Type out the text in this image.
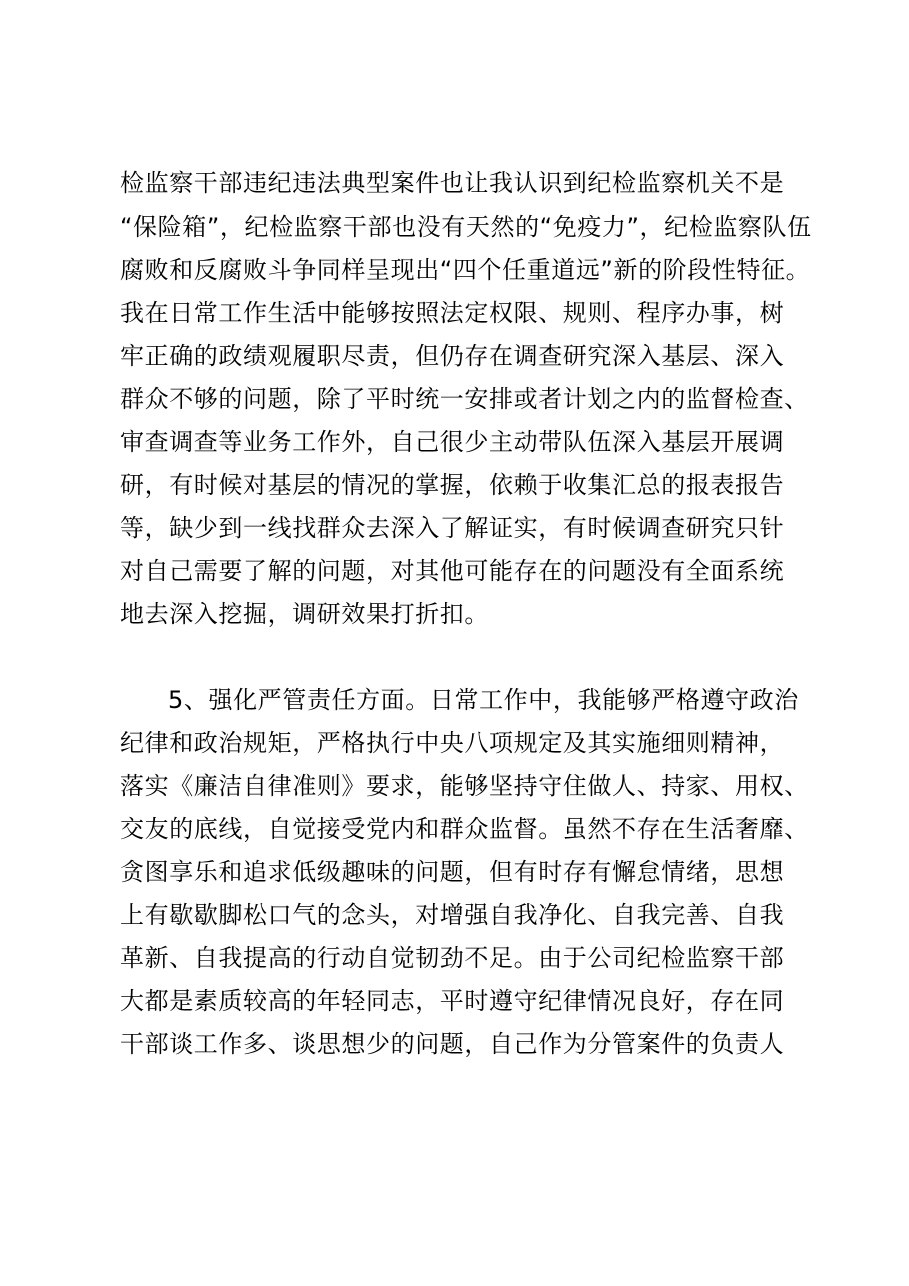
检监察干部违纪违法典型案件也让我认识到纪检监察机关不是
“保险箱”，纪检监察干部也没有天然的“免疫力”，纪检监察队伍
腐败和反腐败斗争同样呈现出“四个任重道远”新的阶段性特征。
我在日常工作生活中能够按照法定权限、规则、程序办事，树
牢正确的政绩观履职尽责，但仍存在调查研究深入基层、深入
群众不够的问题，除了平时统一安排或者计划之内的监督检查、
审查调查等业务工作外，自己很少主动带队伍深入基层开展调
研，有时候对基层的情况的掌握，依赖于收集汇总的报表报告
等，缺少到一线找群众去深入了解证实，有时候调查研究只针
对自己需要了解的问题，对其他可能存在的问题没有全面系统
地去深入挖掘，调研效果打折扣。
5、强化严管责任方面。日常工作中，我能够严格遵守政治
纪律和政治规矩，严格执行中央八项规定及其实施细则精神，
落实《廉洁自律准则》要求，能够坚持守住做人、持家、用权、
交友的底线，自觉接受党内和群众监督。虽然不存在生活奢靡、
贪图享乐和追求低级趣味的问题，但有时存有懈怠情绪，思想
上有歇歇脚松口气的念头，对增强自我净化、自我完善、自我
革新、自我提高的行动自觉韧劲不足。由于公司纪检监察干部
大都是素质较高的年轻同志，平时遵守纪律情况良好，存在同
干部谈工作多、谈思想少的问题，自己作为分管案件的负责人
